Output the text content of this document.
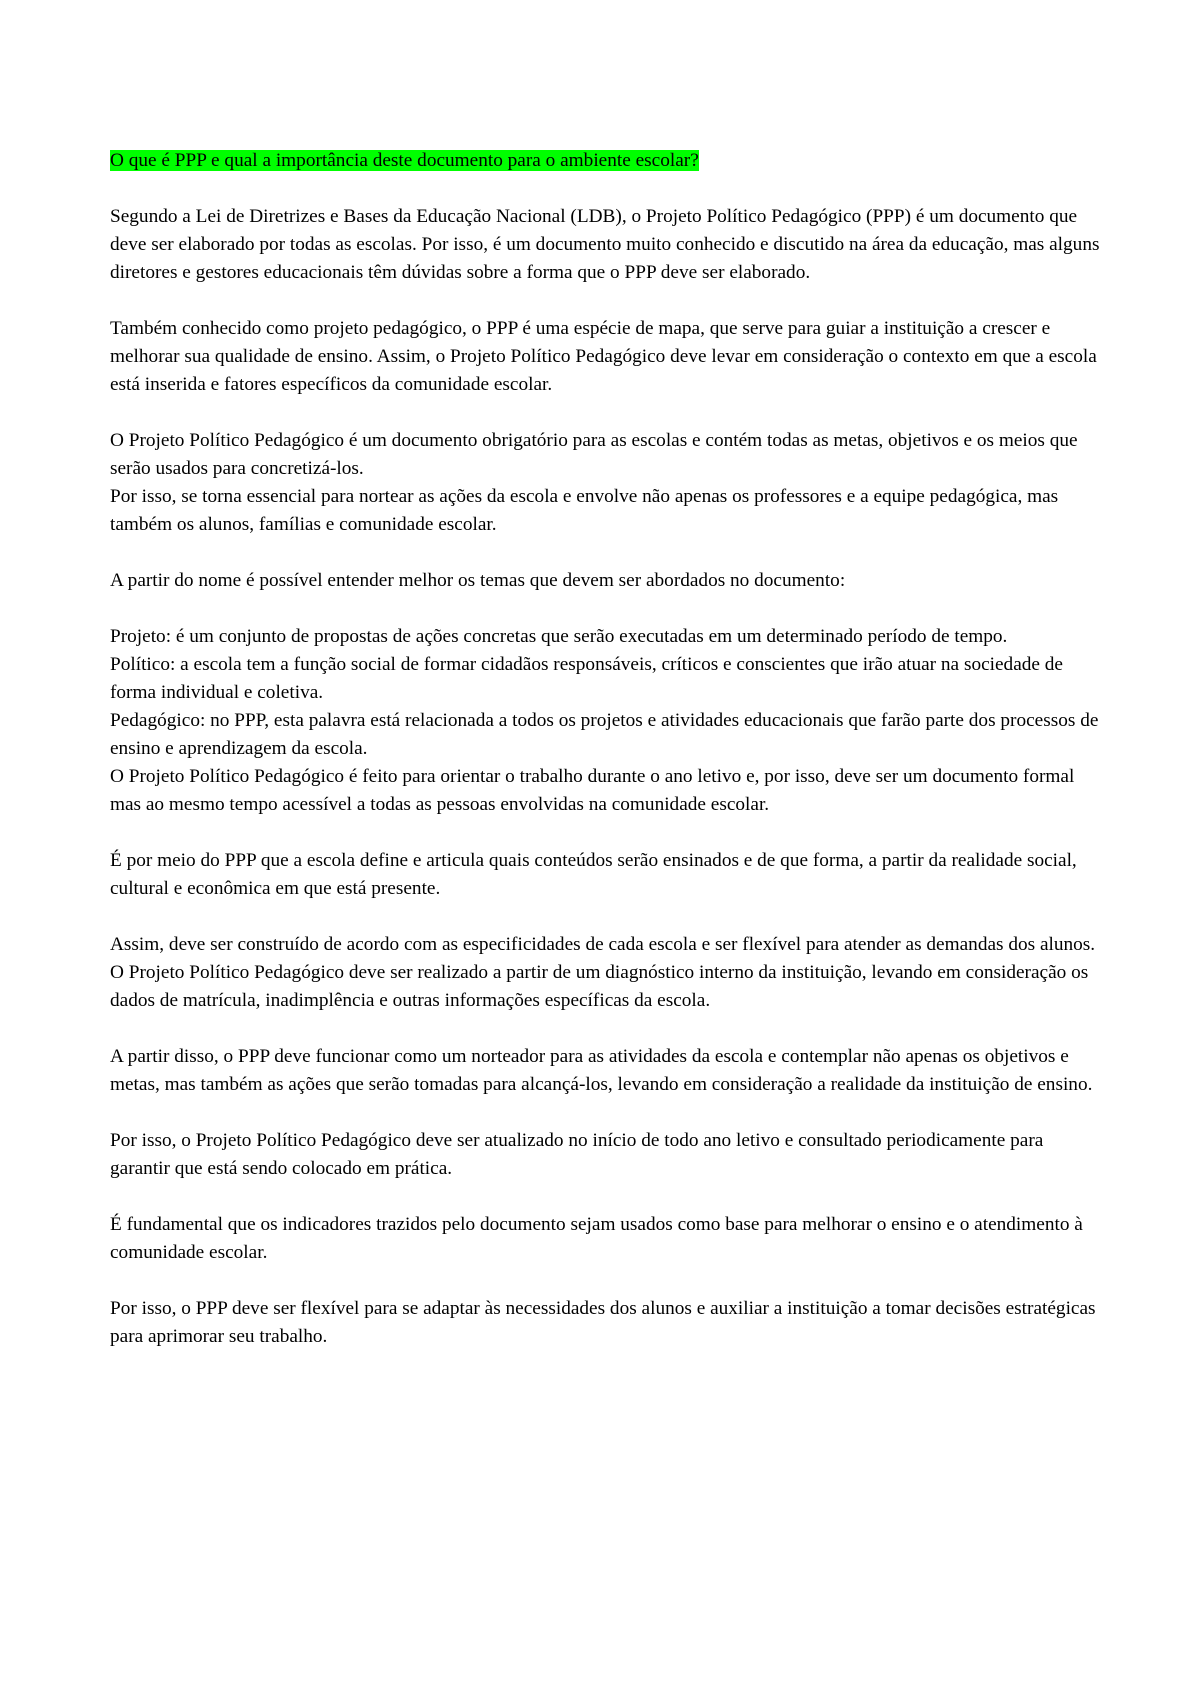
O que é PPP e qual a importância deste documento para o ambiente escolar?

Segundo a Lei de Diretrizes e Bases da Educação Nacional (LDB), o Projeto Político Pedagógico (PPP) é um documento que deve ser elaborado por todas as escolas. Por isso, é um documento muito conhecido e discutido na área da educação, mas alguns diretores e gestores educacionais têm dúvidas sobre a forma que o PPP deve ser elaborado.

Também conhecido como projeto pedagógico, o PPP é uma espécie de mapa, que serve para guiar a instituição a crescer e melhorar sua qualidade de ensino. Assim, o Projeto Político Pedagógico deve levar em consideração o contexto em que a escola está inserida e fatores específicos da comunidade escolar.

O Projeto Político Pedagógico é um documento obrigatório para as escolas e contém todas as metas, objetivos e os meios que serão usados para concretizá-los.
Por isso, se torna essencial para nortear as ações da escola e envolve não apenas os professores e a equipe pedagógica, mas também os alunos, famílias e comunidade escolar.

A partir do nome é possível entender melhor os temas que devem ser abordados no documento:

Projeto: é um conjunto de propostas de ações concretas que serão executadas em um determinado período de tempo.
Político: a escola tem a função social de formar cidadãos responsáveis, críticos e conscientes que irão atuar na sociedade de forma individual e coletiva.
Pedagógico: no PPP, esta palavra está relacionada a todos os projetos e atividades educacionais que farão parte dos processos de ensino e aprendizagem da escola.
O Projeto Político Pedagógico é feito para orientar o trabalho durante o ano letivo e, por isso, deve ser um documento formal mas ao mesmo tempo acessível a todas as pessoas envolvidas na comunidade escolar.

É por meio do PPP que a escola define e articula quais conteúdos serão ensinados e de que forma, a partir da realidade social, cultural e econômica em que está presente.

Assim, deve ser construído de acordo com as especificidades de cada escola e ser flexível para atender as demandas dos alunos.
O Projeto Político Pedagógico deve ser realizado a partir de um diagnóstico interno da instituição, levando em consideração os dados de matrícula, inadimplência e outras informações específicas da escola.

A partir disso, o PPP deve funcionar como um norteador para as atividades da escola e contemplar não apenas os objetivos e metas, mas também as ações que serão tomadas para alcançá-los, levando em consideração a realidade da instituição de ensino.

Por isso, o Projeto Político Pedagógico deve ser atualizado no início de todo ano letivo e consultado periodicamente para garantir que está sendo colocado em prática.

É fundamental que os indicadores trazidos pelo documento sejam usados como base para melhorar o ensino e o atendimento à comunidade escolar.

Por isso, o PPP deve ser flexível para se adaptar às necessidades dos alunos e auxiliar a instituição a tomar decisões estratégicas para aprimorar seu trabalho.
